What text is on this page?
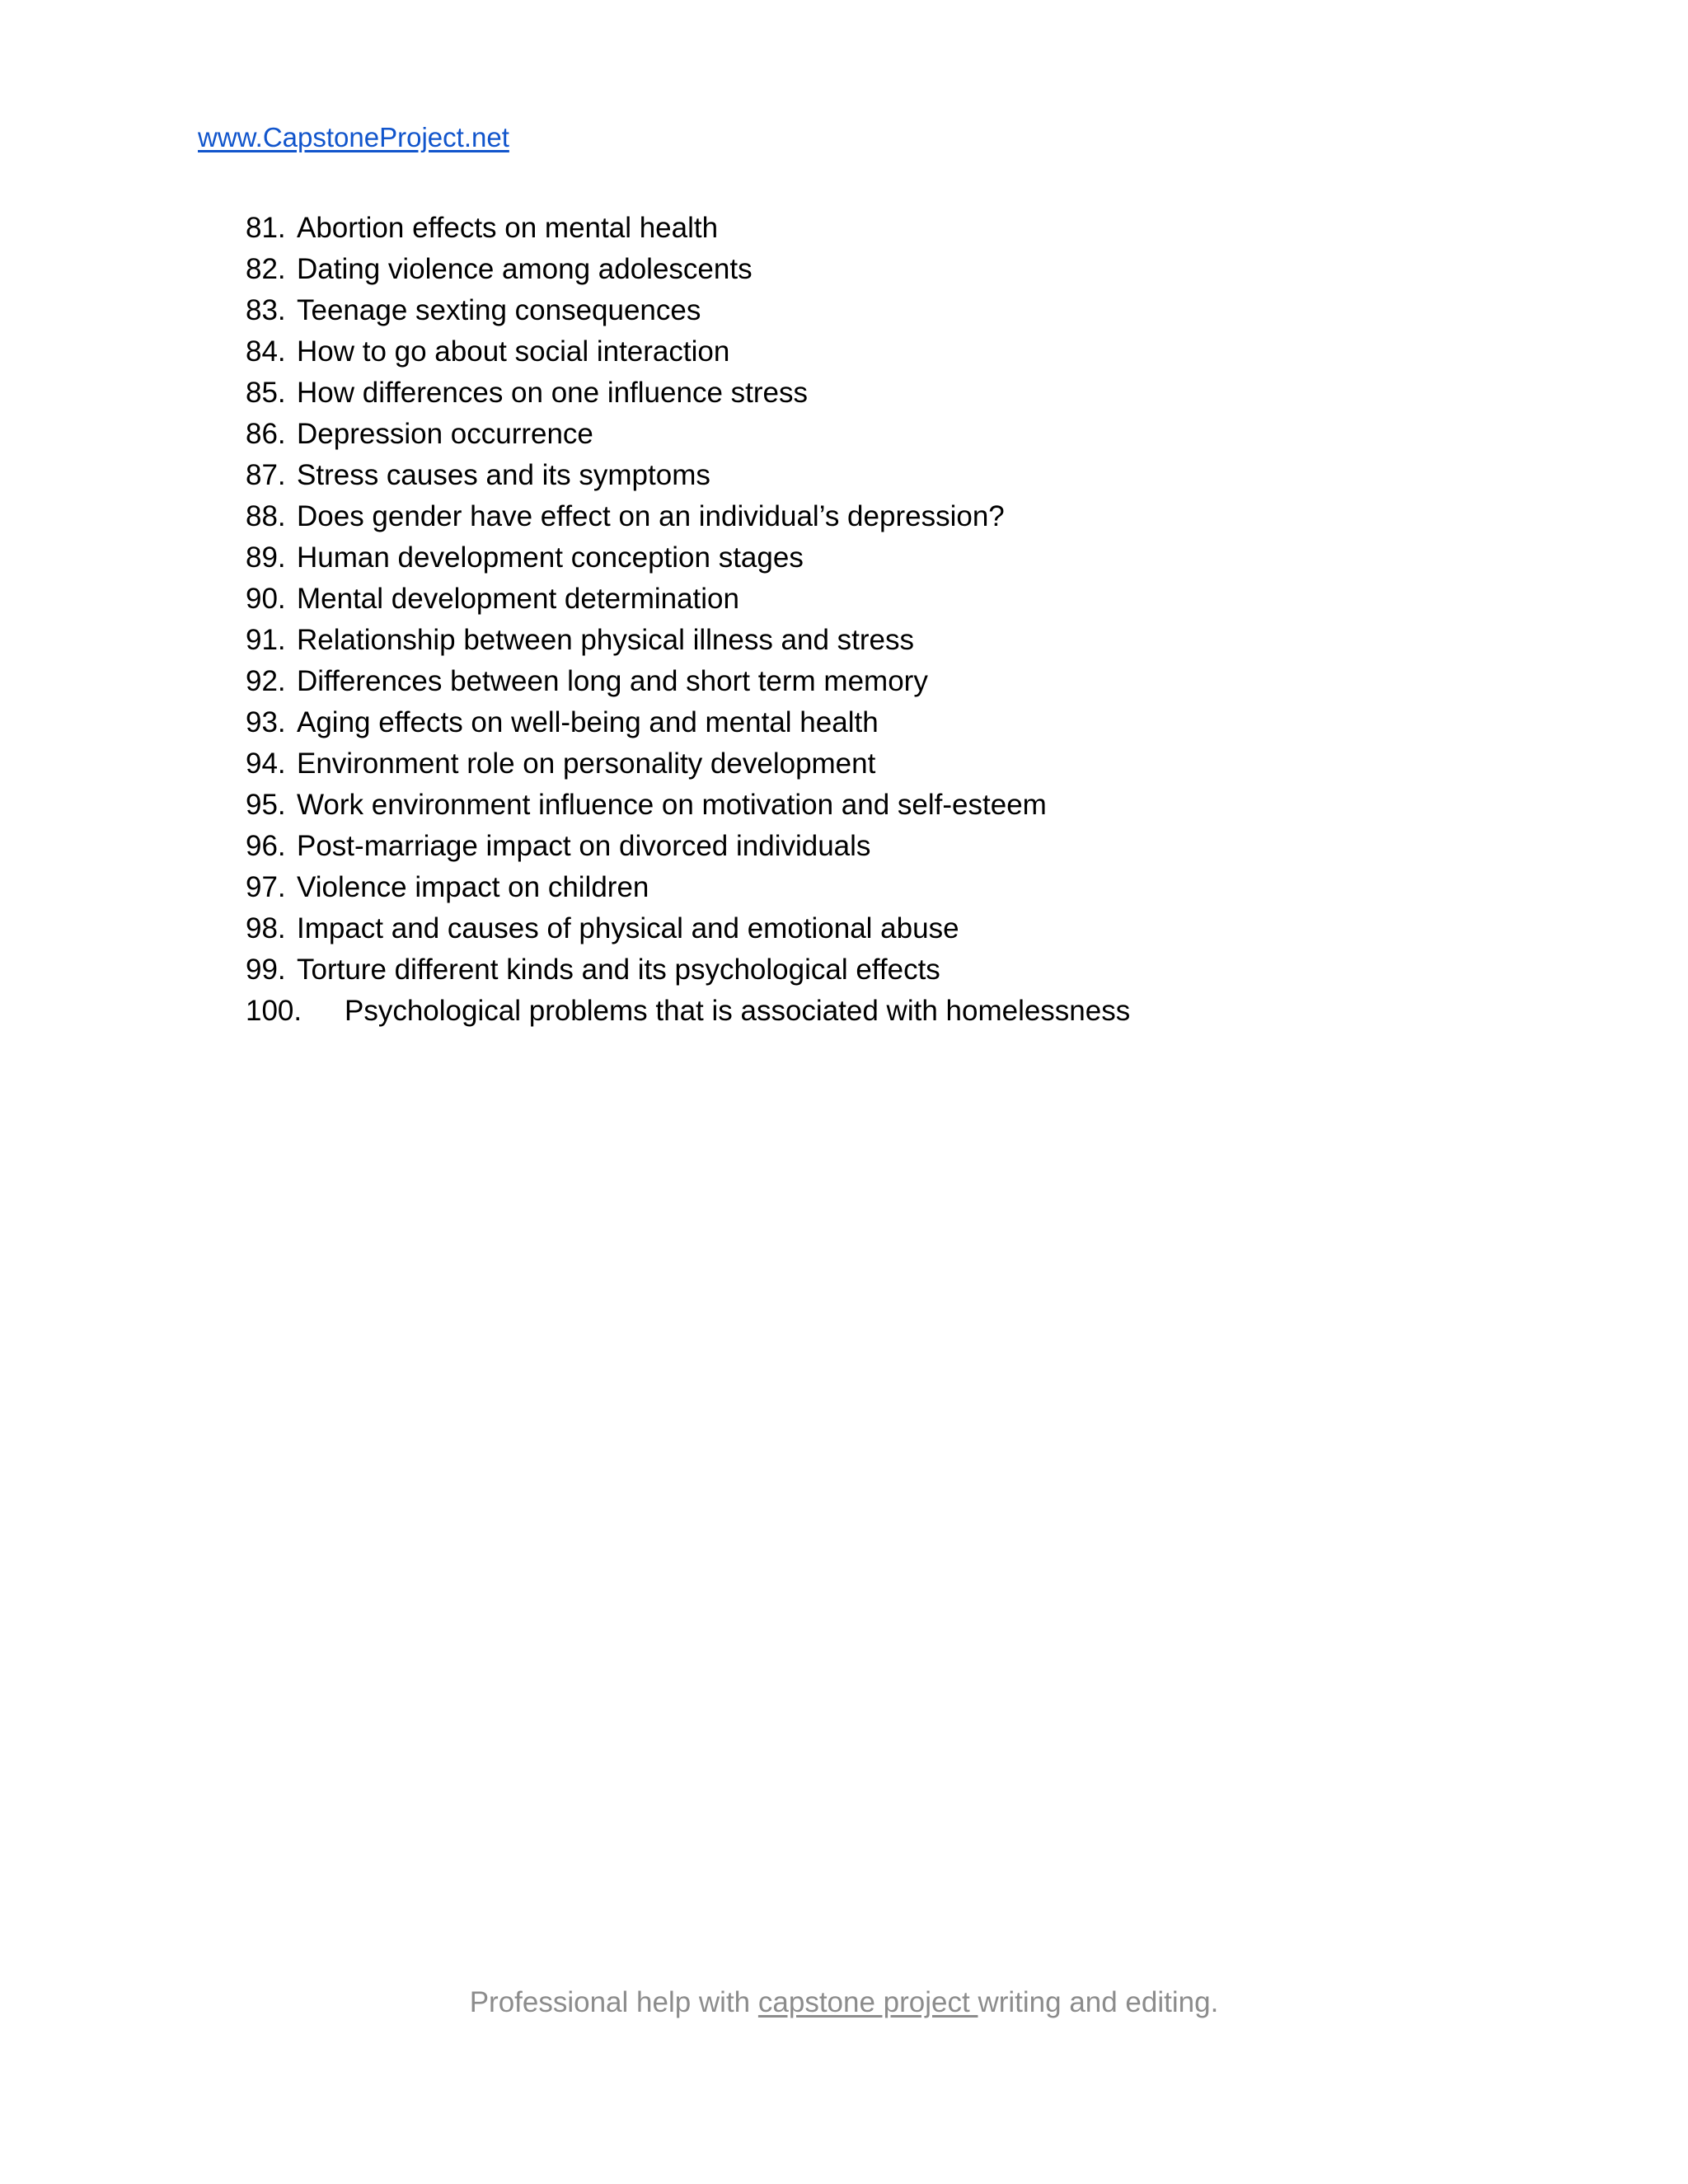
www.CapstoneProject.net
81. Abortion effects on mental health
82. Dating violence among adolescents
83. Teenage sexting consequences
84. How to go about social interaction
85. How differences on one influence stress
86. Depression occurrence
87. Stress causes and its symptoms
88. Does gender have effect on an individual’s depression?
89. Human development conception stages
90. Mental development determination
91. Relationship between physical illness and stress
92. Differences between long and short term memory
93. Aging effects on well-being and mental health
94. Environment role on personality development
95. Work environment influence on motivation and self-esteem
96. Post-marriage impact on divorced individuals
97. Violence impact on children
98. Impact and causes of physical and emotional abuse
99. Torture different kinds and its psychological effects
100. Psychological problems that is associated with homelessness
Professional help with capstone project writing and editing.
